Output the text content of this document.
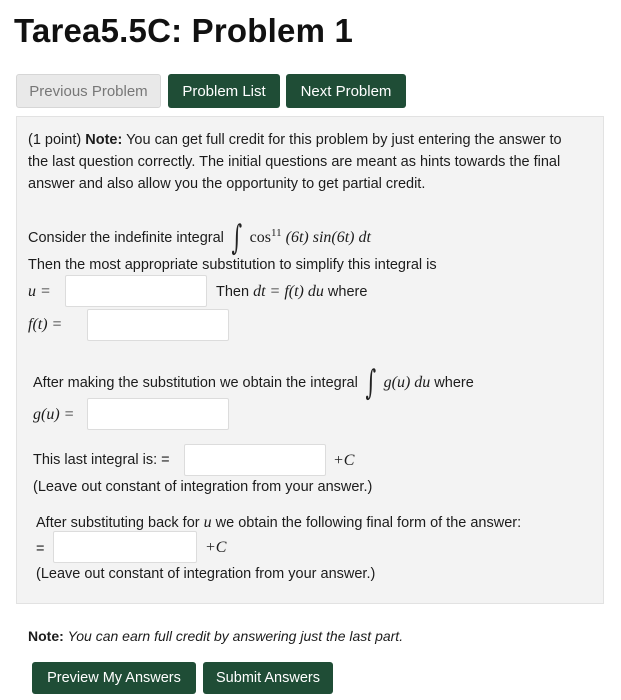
Tarea5.5C: Problem 1
Previous Problem	Problem List	Next Problem
(1 point) Note: You can get full credit for this problem by just entering the answer to
the last question correctly. The initial questions are meant as hints towards the final
answer and also allow you the opportunity to get partial credit.
Consider the indefinite integral ∫ $\cos^{11} (6t)$ sin(6t) dt
Then the most appropriate substitution to simplify this integral is
u =	Then dt = f(t) du where
f(t) =
After making the substitution we obtain the integral ∫ g(u) du where
g(u) =
This last integral is: =	+C
(Leave out constant of integration from your answer.)
After substituting back for u we obtain the following final form of the answer:
=	+C
(Leave out constant of integration from your answer.)
Note: You can earn full credit by answering just the last part.
Preview My Answers	Submit Answers
